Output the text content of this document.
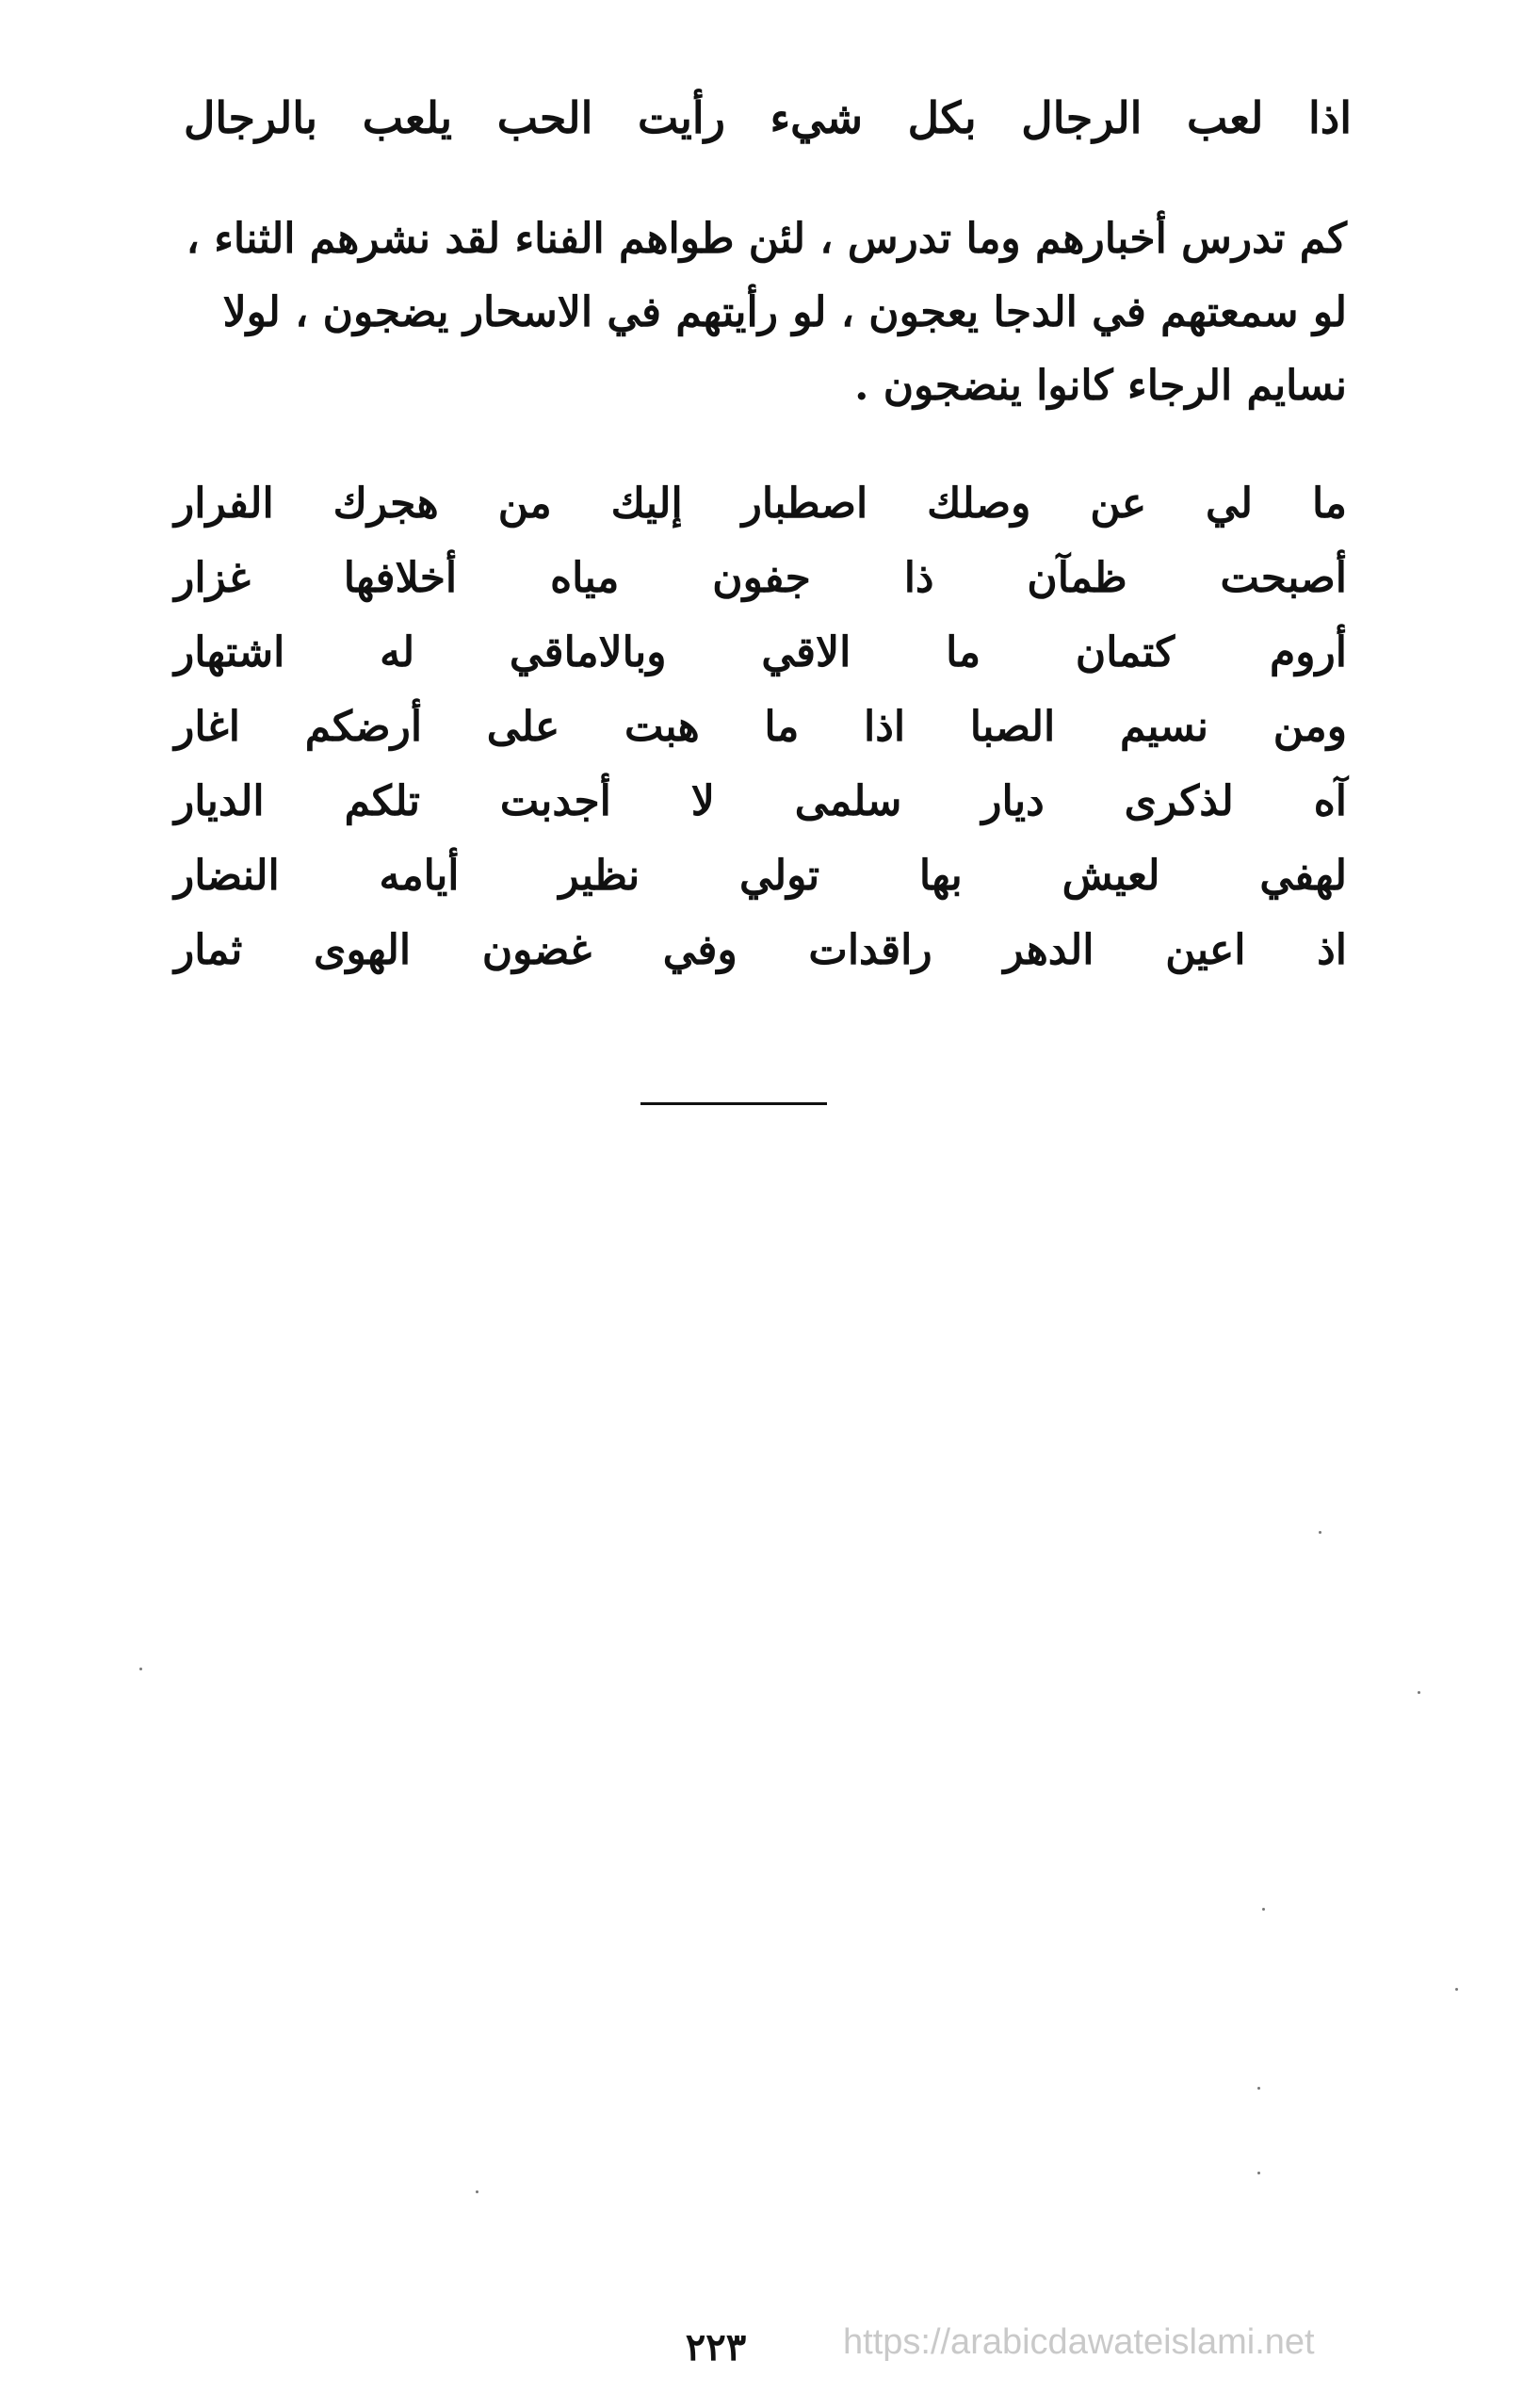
اذا لعب الرجال بكل شيء رأيت الحب يلعب بالرجال
كم تدرس أخبارهم وما تدرس ، لئن طواهم الفناء لقد نشرهم الثناء ، لو سمعتهم في الدجا يعجون ، لو رأيتهم في الاسحار يضجون ، لولا نسايم الرجاء كانوا ينضجون .
ما
لي
عن
وصلك
اصطبار
إليك
من
هجرك
الفرار
أصبحت
ظمآن
ذا
جفون
مياه
أخلافها
غزار
أروم
كتمان
ما
الاقي
وبالاماقي
له
اشتهار
ومن
نسيم
الصبا
اذا
ما
هبت
على
أرضكم
اغار
آه
لذكرى
ديار
سلمى
لا
أجدبت
تلكم
الديار
لهفي
لعيش
بها
تولي
نظير
أيامه
النضار
اذ
اعين
الدهر
راقدات
وفي
غضون
الهوى
ثمار
٢٢٣	https://arabicdawateislami.net
